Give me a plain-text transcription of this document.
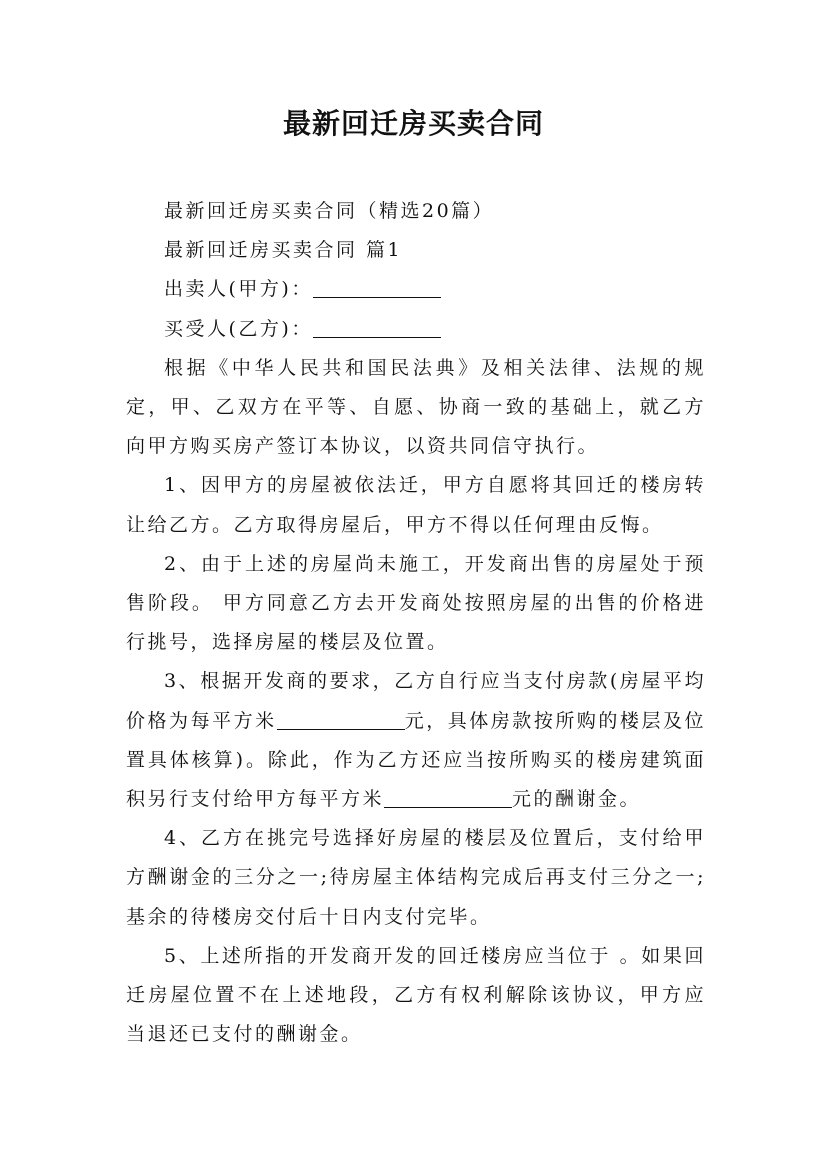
最新回迁房买卖合同

最新回迁房买卖合同（精选20篇）

最新回迁房买卖合同 篇1

出卖人(甲方)：

买受人(乙方)：

根据《中华人民共和国民法典》及相关法律、法规的规定，甲、乙双方在平等、自愿、协商一致的基础上，就乙方向甲方购买房产签订本协议，以资共同信守执行。

1、因甲方的房屋被依法迁，甲方自愿将其回迁的楼房转让给乙方。乙方取得房屋后，甲方不得以任何理由反悔。

2、由于上述的房屋尚未施工，开发商出售的房屋处于预售阶段。 甲方同意乙方去开发商处按照房屋的出售的价格进行挑号，选择房屋的楼层及位置。

3、根据开发商的要求，乙方自行应当支付房款(房屋平均价格为每平方米	元，具体房款按所购的楼层及位置具体核算)。除此，作为乙方还应当按所购买的楼房建筑面积另行支付给甲方每平方米	元的酬谢金。

4、乙方在挑完号选择好房屋的楼层及位置后，支付给甲方酬谢金的三分之一;待房屋主体结构完成后再支付三分之一;基余的待楼房交付后十日内支付完毕。

5、上述所指的开发商开发的回迁楼房应当位于 。如果回迁房屋位置不在上述地段，乙方有权利解除该协议，甲方应当退还已支付的酬谢金。
